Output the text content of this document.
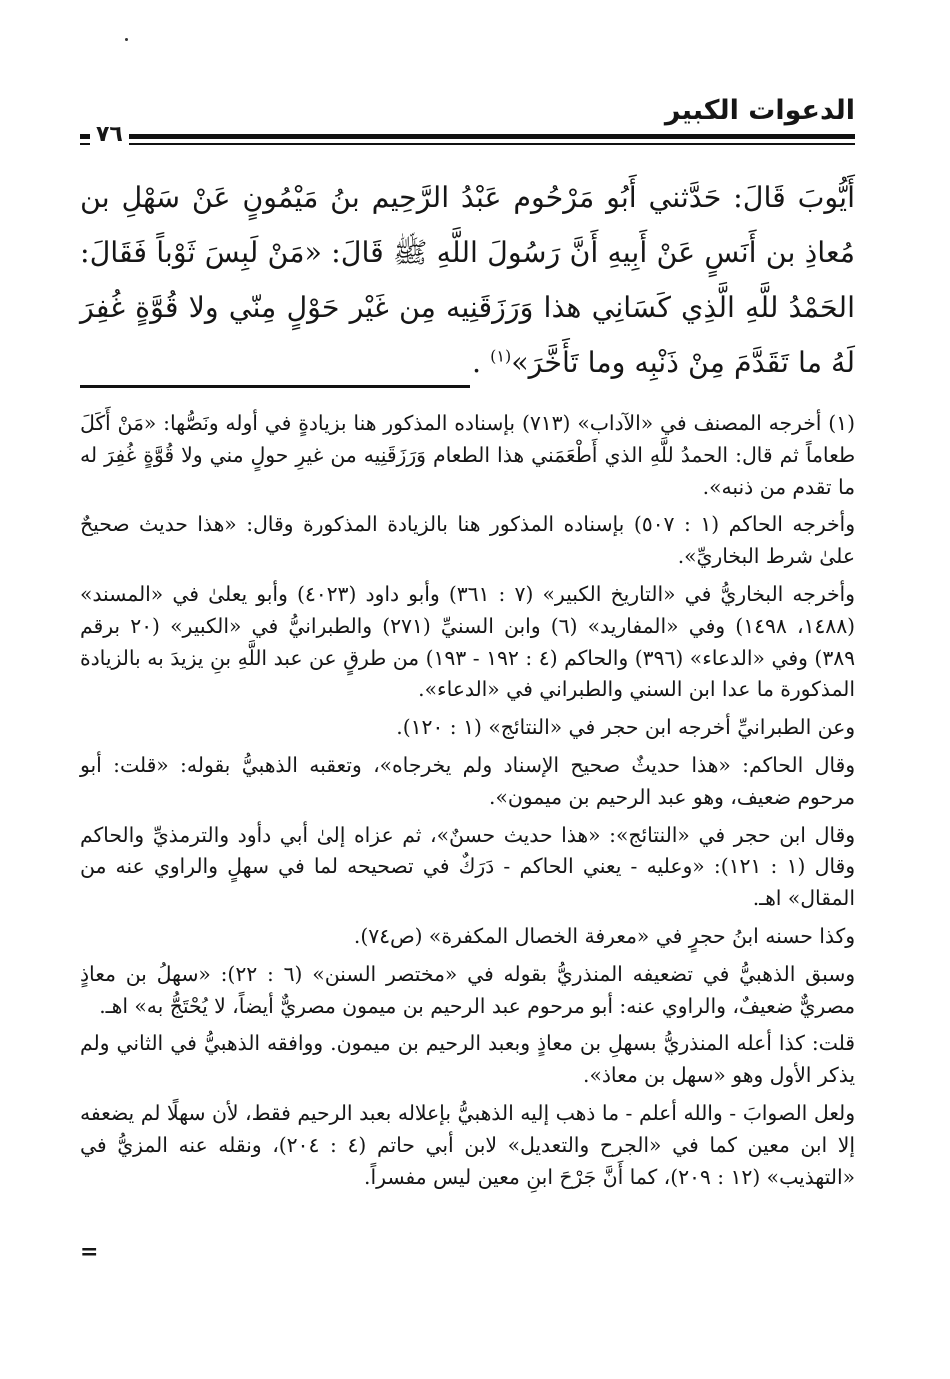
الدعوات الكبير
٧٦

أَيُّوبَ قَالَ: حَدَّثني أَبُو مَرْحُوم عَبْدُ الرَّحِيم بنُ مَيْمُونٍ عَنْ سَهْلِ بن مُعاذِ بن أَنَسٍ عَنْ أَبِيهِ أَنَّ رَسُولَ اللَّهِ ﷺ قَالَ: «مَنْ لَبِسَ ثَوْباً فَقَالَ: الحَمْدُ للَّهِ الَّذِي كَسَانِي هذا وَرَزَقَنِيه مِن غَيْر حَوْلٍ مِنّي ولا قُوَّةٍ غُفِرَ لَهُ ما تَقَدَّمَ مِنْ ذَنْبِه وما تَأَخَّرَ»$^{(١)}$ .

(١) أخرجه المصنف في «الآداب» (٧١٣) بإسناده المذكور هنا بزيادةٍ في أوله ونَصُّها: «مَنْ أَكَلَ طعاماً ثم قال: الحمدُ للَّهِ الذي أَطْعَمَني هذا الطعام وَرَزَقَنِيه من غيرِ حولٍ مني ولا قُوَّةٍ غُفِرَ له ما تقدم من ذنبه».

وأخرجه الحاكم (١ : ٥٠٧) بإسناده المذكور هنا بالزيادة المذكورة وقال: «هذا حديث صحيحٌ علىٰ شرط البخاريِّ».

وأخرجه البخاريُّ في «التاريخ الكبير» (٧ : ٣٦١) وأبو داود (٤٠٢٣) وأبو يعلىٰ في «المسند» (١٤٨٨، ١٤٩٨) وفي «المفاريد» (٦) وابن السنيِّ (٢٧١) والطبرانيُّ في «الكبير» (٢٠ برقم ٣٨٩) وفي «الدعاء» (٣٩٦) والحاكم (٤ : ١٩٢ - ١٩٣) من طرقٍ عن عبد اللَّهِ بنِ يزيدَ به بالزيادة المذكورة ما عدا ابن السني والطبراني في «الدعاء».

وعن الطبرانيِّ أخرجه ابن حجر في «النتائج» (١ : ١٢٠).

وقال الحاكم: «هذا حديثٌ صحيح الإسناد ولم يخرجاه»، وتعقبه الذهبيُّ بقوله: «قلت: أبو مرحوم ضعيف، وهو عبد الرحيم بن ميمون».

وقال ابن حجر في «النتائج»: «هذا حديث حسنٌ»، ثم عزاه إلىٰ أبي دأود والترمذيِّ والحاكم وقال (١ : ١٢١): «وعليه - يعني الحاكم - دَرَكٌ في تصحيحه لما في سهلٍ والراوي عنه من المقال» اهـ.

وكذا حسنه ابنُ حجرٍ في «معرفة الخصال المكفرة» (ص٧٤).

وسبق الذهبيُّ في تضعيفه المنذريُّ بقوله في «مختصر السنن» (٦ : ٢٢): «سهلُ بن معاذٍ مصريٌّ ضعيفٌ، والراوي عنه: أبو مرحوم عبد الرحيم بن ميمون مصريٌّ أيضاً، لا يُحْتَجُّ به» اهـ.

قلت: كذا أعله المنذريُّ بسهلِ بن معاذٍ وبعبد الرحيم بن ميمون. ووافقه الذهبيُّ في الثاني ولم يذكر الأول وهو «سهل بن معاذ».

ولعل الصوابَ - والله أعلم - ما ذهب إليه الذهبيُّ بإعلاله بعبد الرحيم فقط، لأن سهلًا لم يضعفه إلا ابن معين كما في «الجرح والتعديل» لابن أبي حاتم (٤ : ٢٠٤)، ونقله عنه المزيُّ في «التهذيب» (١٢ : ٢٠٩)، كما أَنَّ جَرْحَ ابنِ معين ليس مفسراً.

=
